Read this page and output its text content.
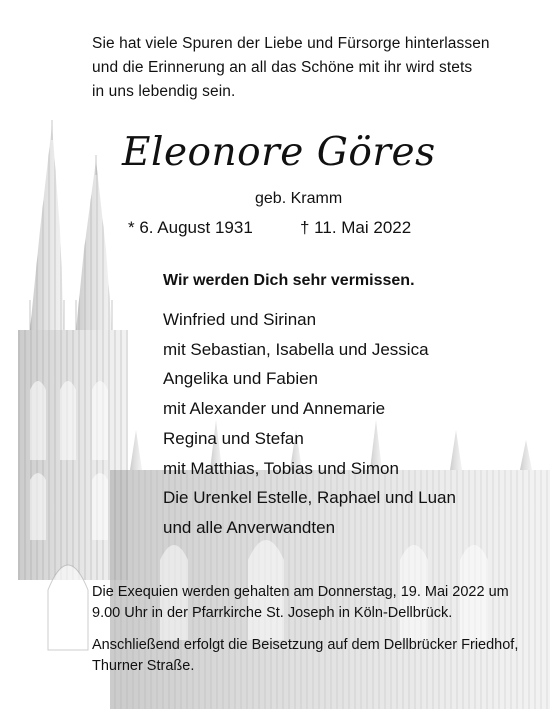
Sie hat viele Spuren der Liebe und Fürsorge hinterlassen
und die Erinnerung an all das Schöne mit ihr wird stets
in uns lebendig sein.
Eleonore Göres
geb. Kramm
* 6. August 1931	† 11. Mai 2022
Wir werden Dich sehr vermissen.
Winfried und Sirinan
mit Sebastian, Isabella und Jessica
Angelika und Fabien
mit Alexander und Annemarie
Regina und Stefan
mit Matthias, Tobias und Simon
Die Urenkel Estelle, Raphael und Luan
und alle Anverwandten
Die Exequien werden gehalten am Donnerstag, 19. Mai 2022 um
9.00 Uhr in der Pfarrkirche St. Joseph in Köln-Dellbrück.
Anschließend erfolgt die Beisetzung auf dem Dellbrücker Friedhof,
Thurner Straße.
